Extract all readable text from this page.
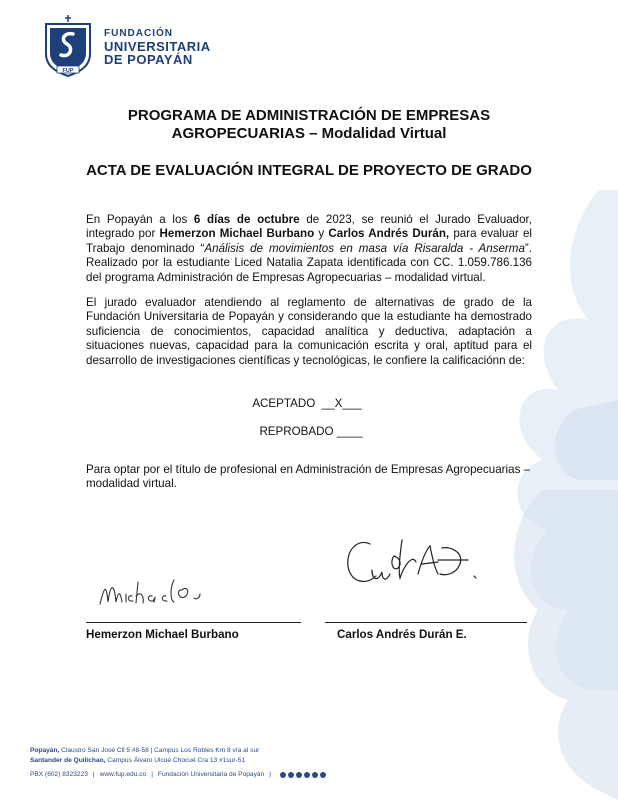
FUP
FUNDACIÓN
UNIVERSITARIA
DE POPAYÁN
PROGRAMA DE ADMINISTRACIÓN DE EMPRESAS AGROPECUARIAS – Modalidad Virtual
ACTA DE EVALUACIÓN INTEGRAL DE PROYECTO DE GRADO
En Popayán a los 6 días de octubre de 2023, se reunió el Jurado Evaluador, integrado por Hemerzon Michael Burbano y Carlos Andrés Durán, para evaluar el Trabajo denominado “Análisis de movimientos en masa vía Risaralda - Anserma”. Realizado por la estudiante Liced Natalia Zapata identificada con CC. 1.059.786.136 del programa Administración de Empresas Agropecuarias – modalidad virtual.
El jurado evaluador atendiendo al reglamento de alternativas de grado de la Fundación Universitaria de Popayán y considerando que la estudiante ha demostrado suficiencia de conocimientos, capacidad analítica y deductiva, adaptación a situaciones nuevas, capacidad para la comunicación escrita y oral, aptitud para el desarrollo de investigaciones científicas y tecnológicas, le confiere la calificaciónn de:
ACEPTADO  __X___
REPROBADO ____
Para optar por el título de profesional en Administración de Empresas Agropecuarias – modalidad virtual.
Hemerzon Michael Burbano	Carlos Andrés Durán E.
Popayán, Claustro San José Cll 5 #8-58 | Campus Los Robles Km 8 vía al sur
Santander de Quilichao, Campus Álvaro Ulcué Chocué Cra 13 #1sur-51
PBX (602) 8323223 | www.fup.edu.co | Fundación Universitaria de Popayán |
